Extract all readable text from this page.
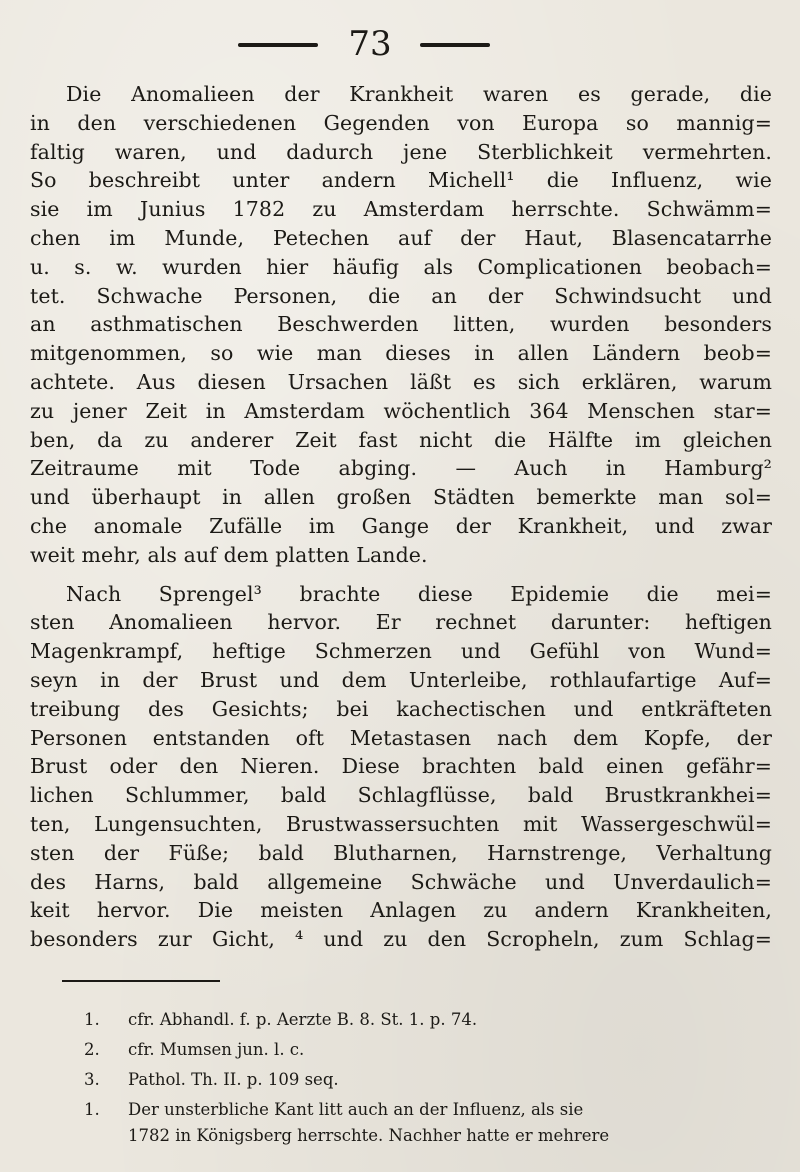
73
Die Anomalieen der Krankheit waren es gerade, die
in den verschiedenen Gegenden von Europa so mannig=
faltig waren, und dadurch jene Sterblichkeit vermehrten.
So beschreibt unter andern Michell¹ die Influenz, wie
sie im Junius 1782 zu Amsterdam herrschte. Schwämm=
chen im Munde, Petechen auf der Haut, Blasencatarrhe
u. s. w. wurden hier häufig als Complicationen beobach=
tet. Schwache Personen, die an der Schwindsucht und
an asthmatischen Beschwerden litten, wurden besonders
mitgenommen, so wie man dieses in allen Ländern beob=
achtete. Aus diesen Ursachen läßt es sich erklären, warum
zu jener Zeit in Amsterdam wöchentlich 364 Menschen star=
ben, da zu anderer Zeit fast nicht die Hälfte im gleichen
Zeitraume mit Tode abging. — Auch in Hamburg²
und überhaupt in allen großen Städten bemerkte man sol=
che anomale Zufälle im Gange der Krankheit, und zwar
weit mehr, als auf dem platten Lande.
Nach Sprengel³ brachte diese Epidemie die mei=
sten Anomalieen hervor. Er rechnet darunter: heftigen
Magenkrampf, heftige Schmerzen und Gefühl von Wund=
seyn in der Brust und dem Unterleibe, rothlaufartige Auf=
treibung des Gesichts; bei kachectischen und entkräfteten
Personen entstanden oft Metastasen nach dem Kopfe, der
Brust oder den Nieren. Diese brachten bald einen gefähr=
lichen Schlummer, bald Schlagflüsse, bald Brustkrankhei=
ten, Lungensuchten, Brustwassersuchten mit Wassergeschwül=
sten der Füße; bald Blutharnen, Harnstrenge, Verhaltung
des Harns, bald allgemeine Schwäche und Unverdaulich=
keit hervor. Die meisten Anlagen zu andern Krankheiten,
besonders zur Gicht, ⁴ und zu den Scropheln, zum Schlag=
1. cfr. Abhandl. f. p. Aerzte B. 8. St. 1. p. 74.
2. cfr. Mumsen jun. l. c.
3. Pathol. Th. II. p. 109 seq.
1. Der unsterbliche Kant litt auch an der Influenz, als sie
1782 in Königsberg herrschte. Nachher hatte er mehrere
